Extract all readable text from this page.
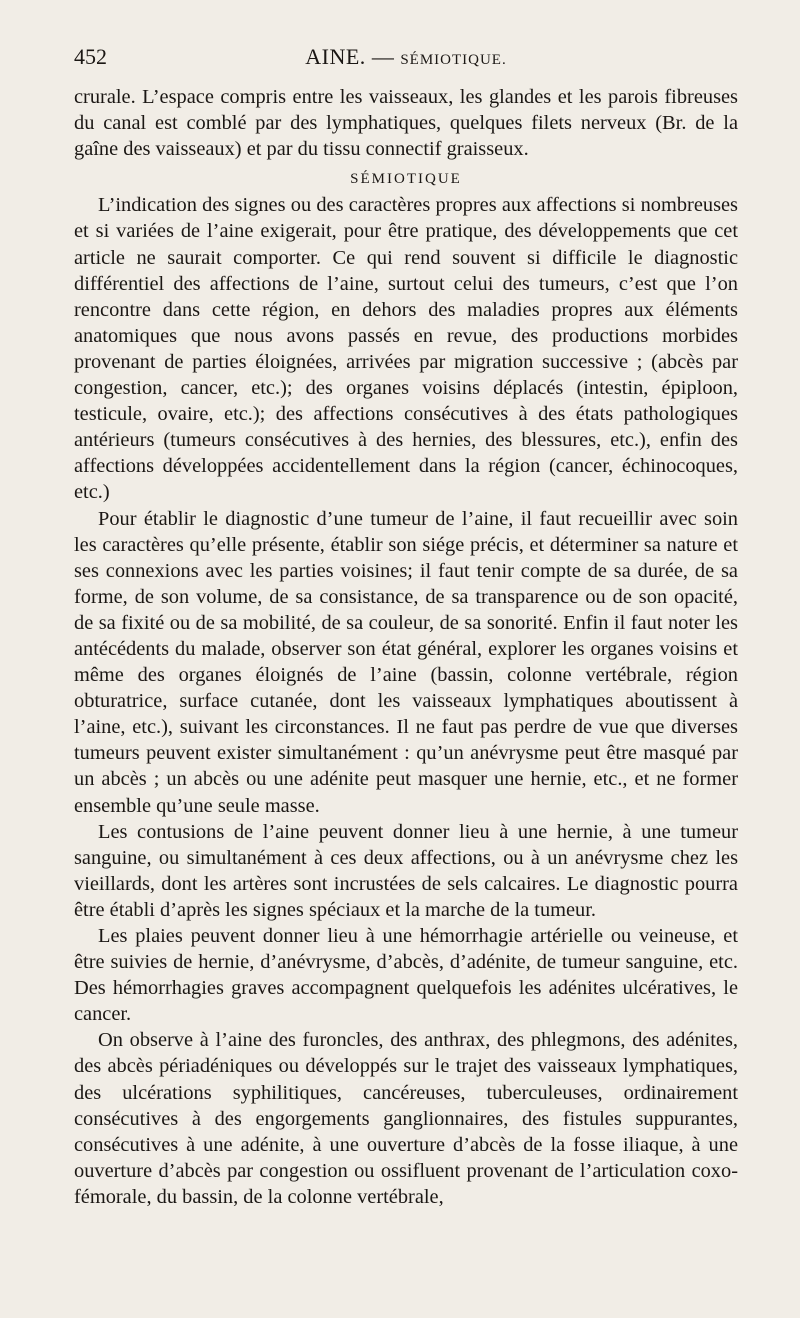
452	AINE. — SÉMIOTIQUE.

crurale. L’espace compris entre les vaisseaux, les glandes et les parois fibreuses du canal est comblé par des lymphatiques, quelques filets nerveux (Br. de la gaîne des vaisseaux) et par du tissu connectif graisseux.

SÉMIOTIQUE

L’indication des signes ou des caractères propres aux affections si nombreuses et si variées de l’aine exigerait, pour être pratique, des développements que cet article ne saurait comporter. Ce qui rend souvent si difficile le diagnostic différentiel des affections de l’aine, surtout celui des tumeurs, c’est que l’on rencontre dans cette région, en dehors des maladies propres aux éléments anatomiques que nous avons passés en revue, des productions morbides provenant de parties éloignées, arrivées par migration successive ; (abcès par congestion, cancer, etc.); des organes voisins déplacés (intestin, épiploon, testicule, ovaire, etc.); des affections consécutives à des états pathologiques antérieurs (tumeurs consécutives à des hernies, des blessures, etc.), enfin des affections développées accidentellement dans la région (cancer, échinocoques, etc.)

Pour établir le diagnostic d’une tumeur de l’aine, il faut recueillir avec soin les caractères qu’elle présente, établir son siége précis, et déterminer sa nature et ses connexions avec les parties voisines; il faut tenir compte de sa durée, de sa forme, de son volume, de sa consistance, de sa transparence ou de son opacité, de sa fixité ou de sa mobilité, de sa couleur, de sa sonorité. Enfin il faut noter les antécédents du malade, observer son état général, explorer les organes voisins et même des organes éloignés de l’aine (bassin, colonne vertébrale, région obturatrice, surface cutanée, dont les vaisseaux lymphatiques aboutissent à l’aine, etc.), suivant les circonstances. Il ne faut pas perdre de vue que diverses tumeurs peuvent exister simultanément : qu’un anévrysme peut être masqué par un abcès ; un abcès ou une adénite peut masquer une hernie, etc., et ne former ensemble qu’une seule masse.

Les contusions de l’aine peuvent donner lieu à une hernie, à une tumeur sanguine, ou simultanément à ces deux affections, ou à un anévrysme chez les vieillards, dont les artères sont incrustées de sels calcaires. Le diagnostic pourra être établi d’après les signes spéciaux et la marche de la tumeur.

Les plaies peuvent donner lieu à une hémorrhagie artérielle ou veineuse, et être suivies de hernie, d’anévrysme, d’abcès, d’adénite, de tumeur sanguine, etc. Des hémorrhagies graves accompagnent quelquefois les adénites ulcératives, le cancer.

On observe à l’aine des furoncles, des anthrax, des phlegmons, des adénites, des abcès périadéniques ou développés sur le trajet des vaisseaux lymphatiques, des ulcérations syphilitiques, cancéreuses, tuberculeuses, ordinairement consécutives à des engorgements ganglionnaires, des fistules suppurantes, consécutives à une adénite, à une ouverture d’abcès de la fosse iliaque, à une ouverture d’abcès par congestion ou ossifluent provenant de l’articulation coxo-fémorale, du bassin, de la colonne vertébrale,
